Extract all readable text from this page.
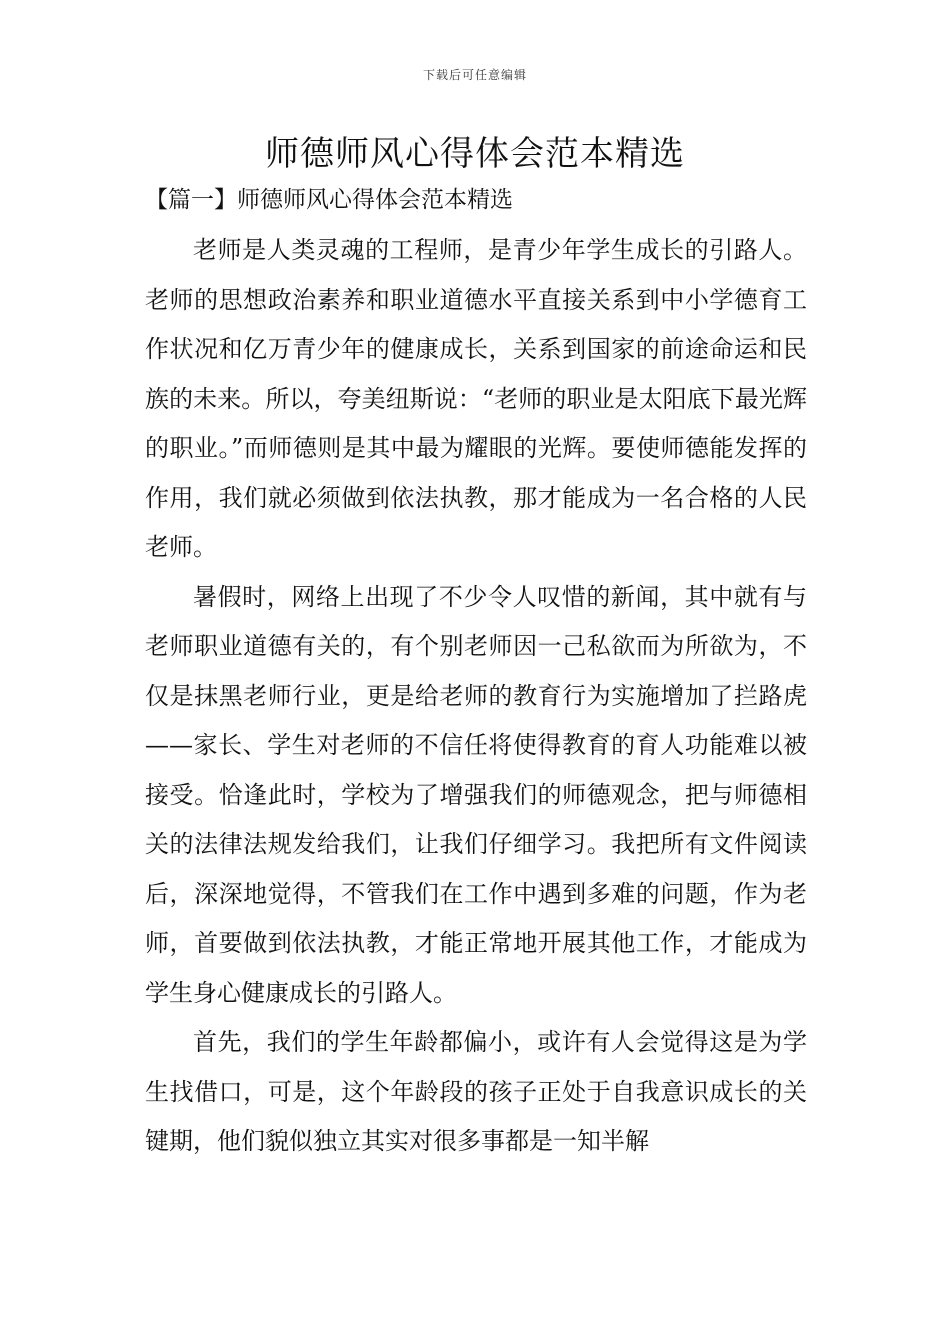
下载后可任意编辑
师德师风心得体会范本精选
【篇一】师德师风心得体会范本精选

老师是人类灵魂的工程师，是青少年学生成长的引路人。老师的思想政治素养和职业道德水平直接关系到中小学德育工作状况和亿万青少年的健康成长，关系到国家的前途命运和民族的未来。所以，夸美纽斯说：“老师的职业是太阳底下最光辉的职业。”而师德则是其中最为耀眼的光辉。要使师德能发挥的作用，我们就必须做到依法执教，那才能成为一名合格的人民老师。

暑假时，网络上出现了不少令人叹惜的新闻，其中就有与老师职业道德有关的，有个别老师因一己私欲而为所欲为，不仅是抹黑老师行业，更是给老师的教育行为实施增加了拦路虎——家长、学生对老师的不信任将使得教育的育人功能难以被接受。恰逢此时，学校为了增强我们的师德观念，把与师德相关的法律法规发给我们，让我们仔细学习。我把所有文件阅读后，深深地觉得，不管我们在工作中遇到多难的问题，作为老师，首要做到依法执教，才能正常地开展其他工作，才能成为学生身心健康成长的引路人。

首先，我们的学生年龄都偏小，或许有人会觉得这是为学生找借口，可是，这个年龄段的孩子正处于自我意识成长的关键期，他们貌似独立其实对很多事都是一知半解
